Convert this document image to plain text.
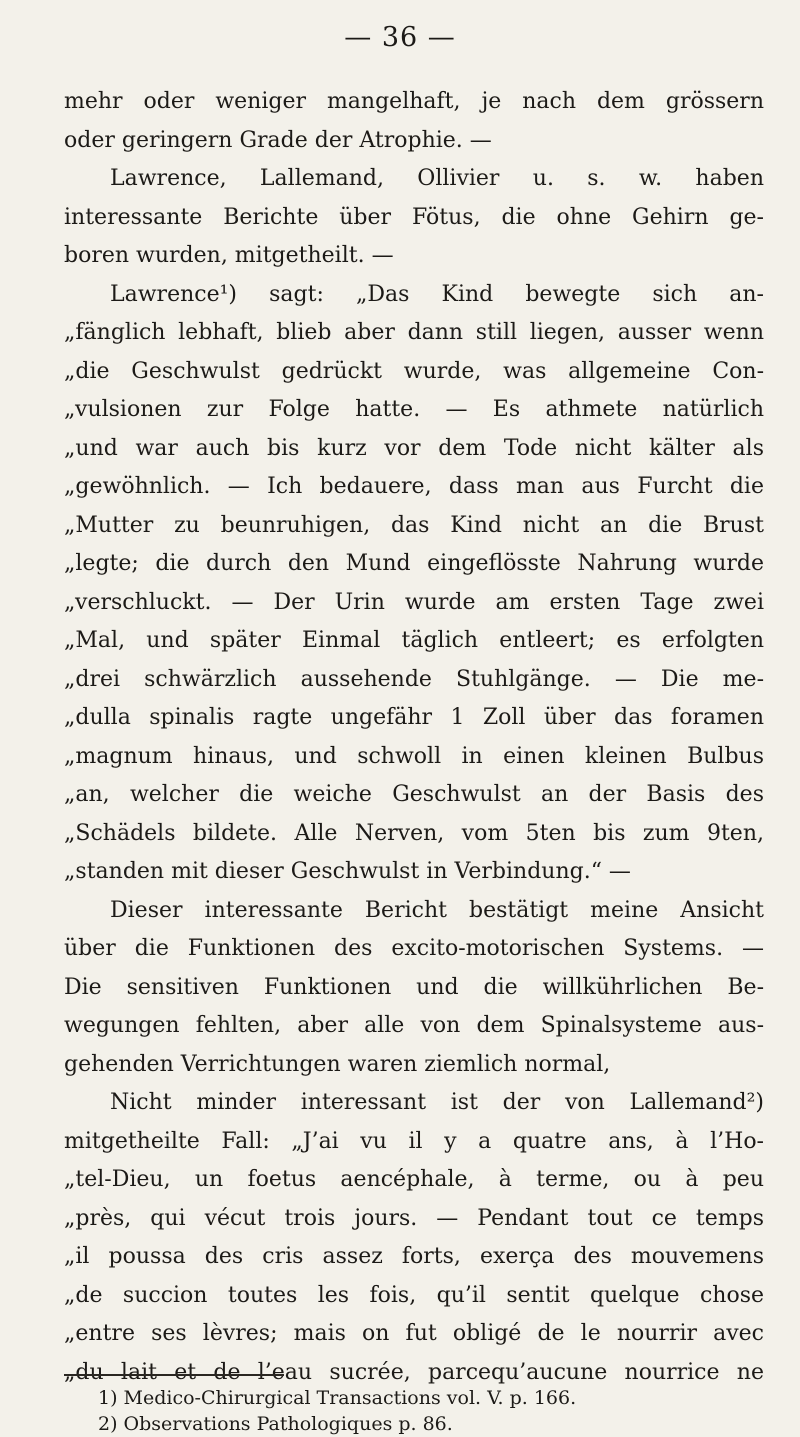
— 36 —
mehr oder weniger mangelhaft, je nach dem grössern
oder geringern Grade der Atrophie. —
Lawrence, Lallemand, Ollivier u. s. w. haben
interessante Berichte über Fötus, die ohne Gehirn ge-
boren wurden, mitgetheilt. —
Lawrence¹) sagt: „Das Kind bewegte sich an-
„fänglich lebhaft, blieb aber dann still liegen, ausser wenn
„die Geschwulst gedrückt wurde, was allgemeine Con-
„vulsionen zur Folge hatte. — Es athmete natürlich
„und war auch bis kurz vor dem Tode nicht kälter als
„gewöhnlich. — Ich bedauere, dass man aus Furcht die
„Mutter zu beunruhigen, das Kind nicht an die Brust
„legte; die durch den Mund eingeflösste Nahrung wurde
„verschluckt. — Der Urin wurde am ersten Tage zwei
„Mal, und später Einmal täglich entleert; es erfolgten
„drei schwärzlich aussehende Stuhlgänge. — Die me-
„dulla spinalis ragte ungefähr 1 Zoll über das foramen
„magnum hinaus, und schwoll in einen kleinen Bulbus
„an, welcher die weiche Geschwulst an der Basis des
„Schädels bildete. Alle Nerven, vom 5ten bis zum 9ten,
„standen mit dieser Geschwulst in Verbindung.“ —
Dieser interessante Bericht bestätigt meine Ansicht
über die Funktionen des excito-motorischen Systems. —
Die sensitiven Funktionen und die willkührlichen Be-
wegungen fehlten, aber alle von dem Spinalsysteme aus-
gehenden Verrichtungen waren ziemlich normal,
Nicht minder interessant ist der von Lallemand²)
mitgetheilte Fall: „J’ai vu il y a quatre ans, à l’Ho-
„tel-Dieu, un foetus aencéphale, à terme, ou à peu
„près, qui vécut trois jours. — Pendant tout ce temps
„il poussa des cris assez forts, exerça des mouvemens
„de succion toutes les fois, qu’il sentit quelque chose
„entre ses lèvres; mais on fut obligé de le nourrir avec
„du lait et de l’eau sucrée, parcequ’aucune nourrice ne
1) Medico-Chirurgical Transactions vol. V. p. 166.
2) Observations Pathologiques p. 86.
